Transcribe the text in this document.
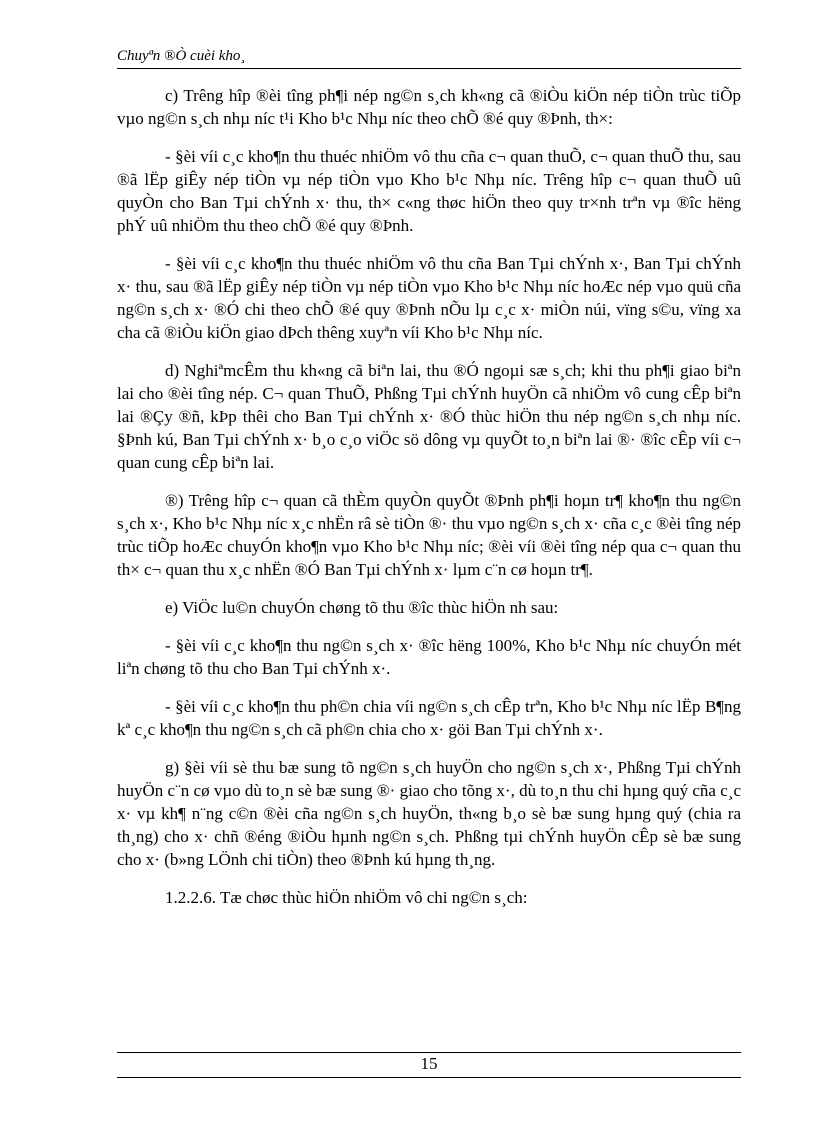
Chuyªn ®Ò cuèi kho¸

c) Trêng hîp ®èi tîng ph¶i nép ng©n s¸ch kh«ng cã ®iÒu kiÖn nép tiÒn trùc tiÕp vµo ng©n s¸ch nhµ níc t¹i Kho b¹c Nhµ níc theo chÕ ®é quy ®Þnh, th×:

- §èi víi c¸c kho¶n thu thuéc nhiÖm vô thu cña c¬ quan thuÕ, c¬ quan thuÕ thu, sau ®ã lËp giÊy nép tiÒn vµ nép tiÒn vµo Kho b¹c Nhµ níc. Trêng hîp c¬ quan thuÕ uû quyÒn cho Ban Tµi chÝnh x· thu, th× c«ng thøc hiÖn theo quy tr×nh trªn vµ ®îc hëng phÝ uû nhiÖm thu theo chÕ ®é quy ®Þnh.

- §èi víi c¸c kho¶n thu thuéc nhiÖm vô thu cña Ban Tµi chÝnh x·, Ban Tµi chÝnh x· thu, sau ®ã lËp giÊy nép tiÒn vµ nép tiÒn vµo Kho b¹c Nhµ níc hoÆc nép vµo quü cña ng©n s¸ch x· ®Ó chi theo chÕ ®é quy ®Þnh nÕu lµ c¸c x· miÒn núi, vïng s©u, vïng xa cha cã ®iÒu kiÖn giao dÞch thêng xuyªn víi Kho b¹c Nhµ níc.

d) NghiªmcÊm thu kh«ng cã biªn lai, thu ®Ó ngoµi sæ s¸ch; khi thu ph¶i giao biªn lai cho ®èi tîng nép. C¬ quan ThuÕ, Phßng Tµi chÝnh huyÖn cã nhiÖm vô cung cÊp biªn lai ®Çy ®ñ, kÞp thêi cho Ban Tµi chÝnh x· ®Ó thùc hiÖn thu nép ng©n s¸ch nhµ níc. §Þnh kú, Ban Tµi chÝnh x· b¸o c¸o viÖc sö dông vµ quyÕt to¸n biªn lai ®· ®îc cÊp víi c¬ quan cung cÊp biªn lai.

®) Trêng hîp c¬ quan cã thÈm quyÒn quyÕt ®Þnh ph¶i hoµn tr¶ kho¶n thu ng©n s¸ch x·, Kho b¹c Nhµ níc x¸c nhËn râ sè tiÒn ®· thu vµo ng©n s¸ch x· cña c¸c ®èi tîng nép trùc tiÕp hoÆc chuyÓn kho¶n vµo Kho b¹c Nhµ níc; ®èi víi ®èi tîng nép qua c¬ quan thu th× c¬ quan thu x¸c nhËn ®Ó Ban Tµi chÝnh x· lµm c¨n cø hoµn tr¶.

e) ViÖc lu©n chuyÓn chøng tõ thu ®îc thùc hiÖn nh sau:

- §èi víi c¸c kho¶n thu ng©n s¸ch x· ®îc hëng 100%, Kho b¹c Nhµ níc chuyÓn mét liªn chøng tõ thu cho Ban Tµi chÝnh x·.

- §èi víi c¸c kho¶n thu ph©n chia víi ng©n s¸ch cÊp trªn, Kho b¹c Nhµ níc lËp B¶ng kª c¸c kho¶n thu ng©n s¸ch cã ph©n chia cho x· göi Ban Tµi chÝnh x·.

g) §èi víi sè thu bæ sung tõ ng©n s¸ch huyÖn cho ng©n s¸ch x·, Phßng Tµi chÝnh huyÖn c¨n cø vµo dù to¸n sè bæ sung ®· giao cho tõng x·, dù to¸n thu chi hµng quý cña c¸c x· vµ kh¶ n¨ng c©n ®èi cña ng©n s¸ch huyÖn, th«ng b¸o sè bæ sung hµng quý (chia ra th¸ng) cho x· chñ ®éng ®iÒu hµnh ng©n s¸ch. Phßng tµi chÝnh huyÖn cÊp sè bæ sung cho x· (b»ng LÖnh chi tiÒn) theo ®Þnh kú hµng th¸ng.

1.2.2.6. Tæ chøc thùc hiÖn nhiÖm vô chi ng©n s¸ch:

15
